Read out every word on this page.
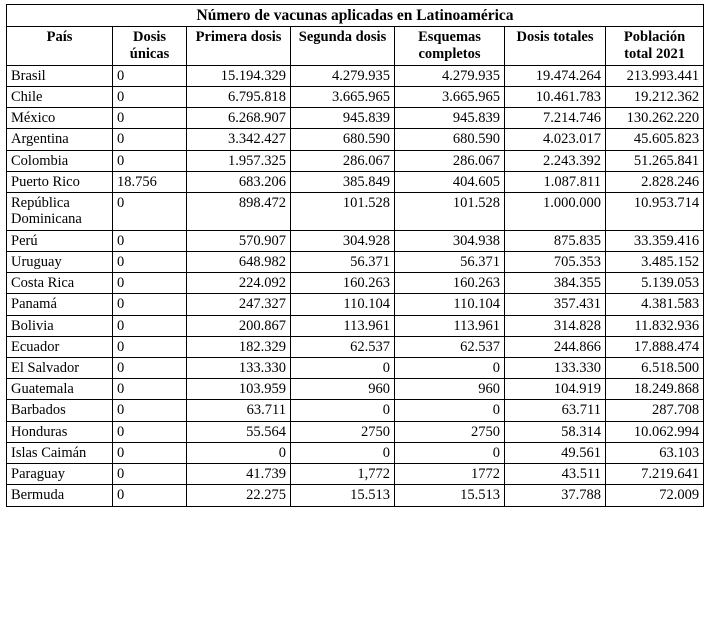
Número de vacunas aplicadas en Latinoamérica						
País	Dosis únicas	Primera dosis	Segunda dosis	Esquemas completos	Dosis totales	Población total 2021
Brasil	0	15.194.329	4.279.935	4.279.935	19.474.264	213.993.441
Chile	0	6.795.818	3.665.965	3.665.965	10.461.783	19.212.362
México	0	6.268.907	945.839	945.839	7.214.746	130.262.220
Argentina	0	3.342.427	680.590	680.590	4.023.017	45.605.823
Colombia	0	1.957.325	286.067	286.067	2.243.392	51.265.841
Puerto Rico	18.756	683.206	385.849	404.605	1.087.811	2.828.246
República Dominicana	0	898.472	101.528	101.528	1.000.000	10.953.714
Perú	0	570.907	304.928	304.938	875.835	33.359.416
Uruguay	0	648.982	56.371	56.371	705.353	3.485.152
Costa Rica	0	224.092	160.263	160.263	384.355	5.139.053
Panamá	0	247.327	110.104	110.104	357.431	4.381.583
Bolivia	0	200.867	113.961	113.961	314.828	11.832.936
Ecuador	0	182.329	62.537	62.537	244.866	17.888.474
El Salvador	0	133.330	0	0	133.330	6.518.500
Guatemala	0	103.959	960	960	104.919	18.249.868
Barbados	0	63.711	0	0	63.711	287.708
Honduras	0	55.564	2750	2750	58.314	10.062.994
Islas Caimán	0	0	0	0	49.561	63.103
Paraguay	0	41.739	1,772	1772	43.511	7.219.641
Bermuda	0	22.275	15.513	15.513	37.788	72.009
